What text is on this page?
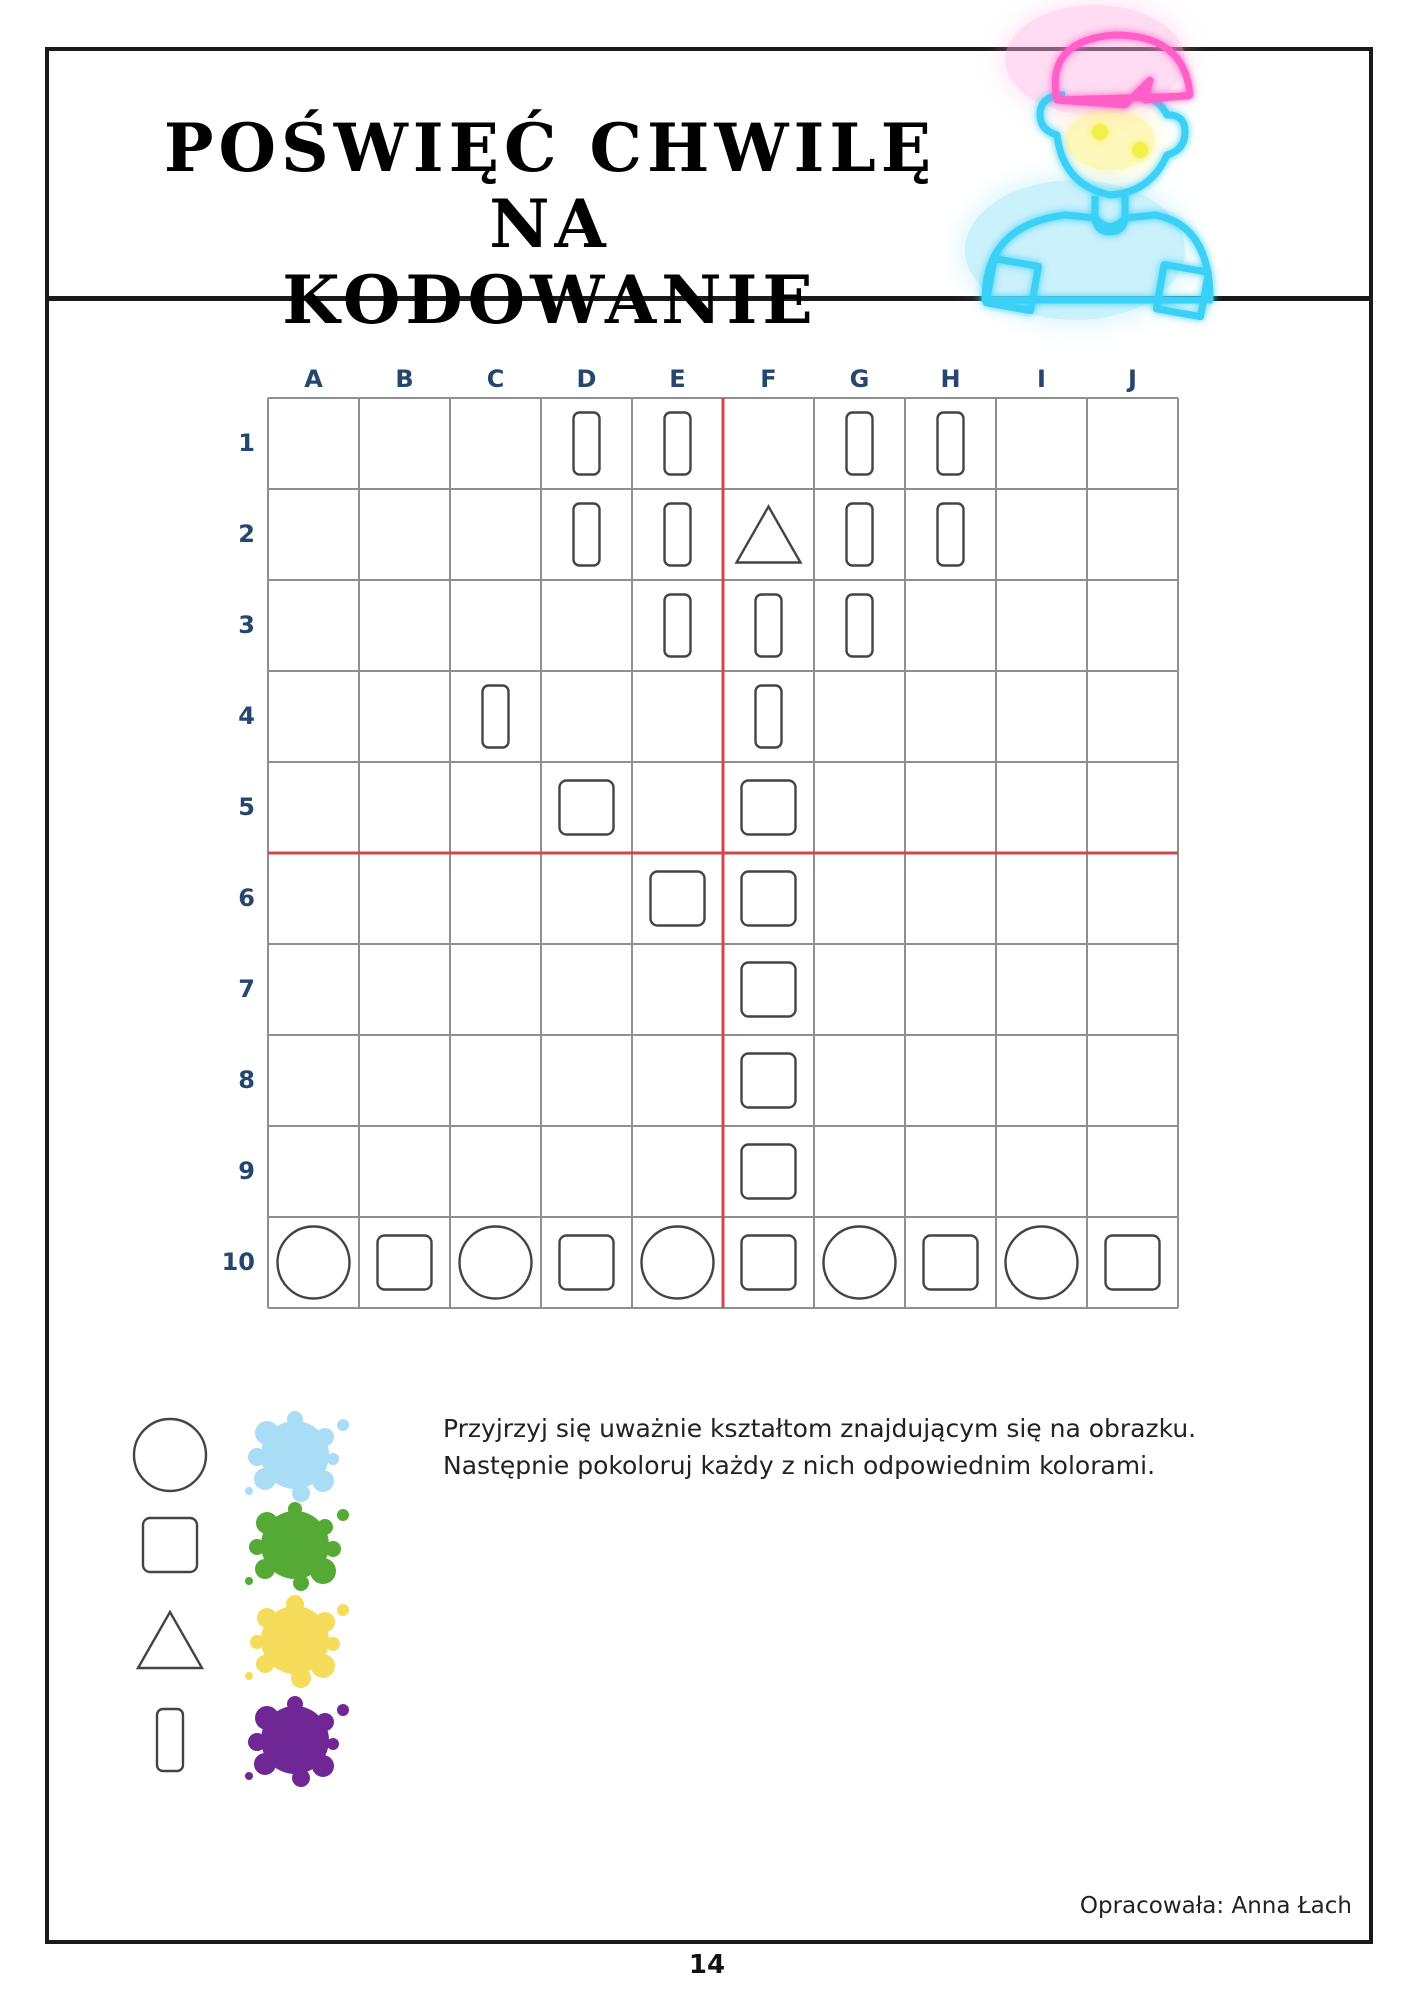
POŚWIĘĆ CHWILĘ NA
KODOWANIE
A	B	C	D	E	F	G	H	I	J
1
2
3
4
5
6
7
8
9
10

Przyjrzyj się uważnie kształtom znajdującym się na obrazku.

Następnie pokoloruj każdy z nich odpowiednim kolorami.

Opracowała: Anna Łach
14
